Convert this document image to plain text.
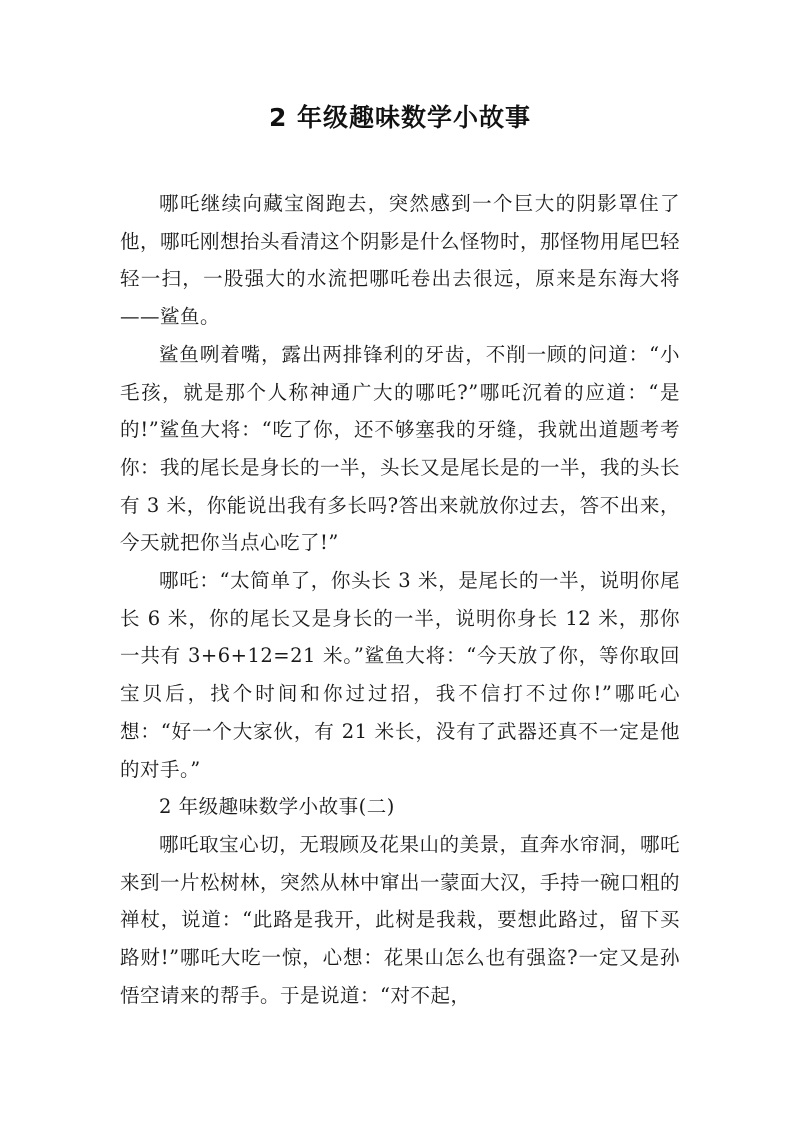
2 年级趣味数学小故事

哪吒继续向藏宝阁跑去，突然感到一个巨大的阴影罩住了他，哪吒刚想抬头看清这个阴影是什么怪物时，那怪物用尾巴轻轻一扫，一股强大的水流把哪吒卷出去很远，原来是东海大将——鲨鱼。

鲨鱼咧着嘴，露出两排锋利的牙齿，不削一顾的问道：“小毛孩，就是那个人称神通广大的哪吒?”哪吒沉着的应道：“是的!”鲨鱼大将：“吃了你，还不够塞我的牙缝，我就出道题考考你：我的尾长是身长的一半，头长又是尾长是的一半，我的头长有 3 米，你能说出我有多长吗?答出来就放你过去，答不出来，今天就把你当点心吃了!”

哪吒：“太简单了，你头长 3 米，是尾长的一半，说明你尾长 6 米，你的尾长又是身长的一半，说明你身长 12 米，那你一共有 3+6+12=21 米。”鲨鱼大将：“今天放了你，等你取回宝贝后，找个时间和你过过招，我不信打不过你!”哪吒心想：“好一个大家伙，有 21 米长，没有了武器还真不一定是他的对手。”

2 年级趣味数学小故事(二)

哪吒取宝心切，无瑕顾及花果山的美景，直奔水帘洞，哪吒来到一片松树林，突然从林中窜出一蒙面大汉，手持一碗口粗的禅杖，说道：“此路是我开，此树是我栽，要想此路过，留下买路财!”哪吒大吃一惊，心想：花果山怎么也有强盗?一定又是孙悟空请来的帮手。于是说道：“对不起，
